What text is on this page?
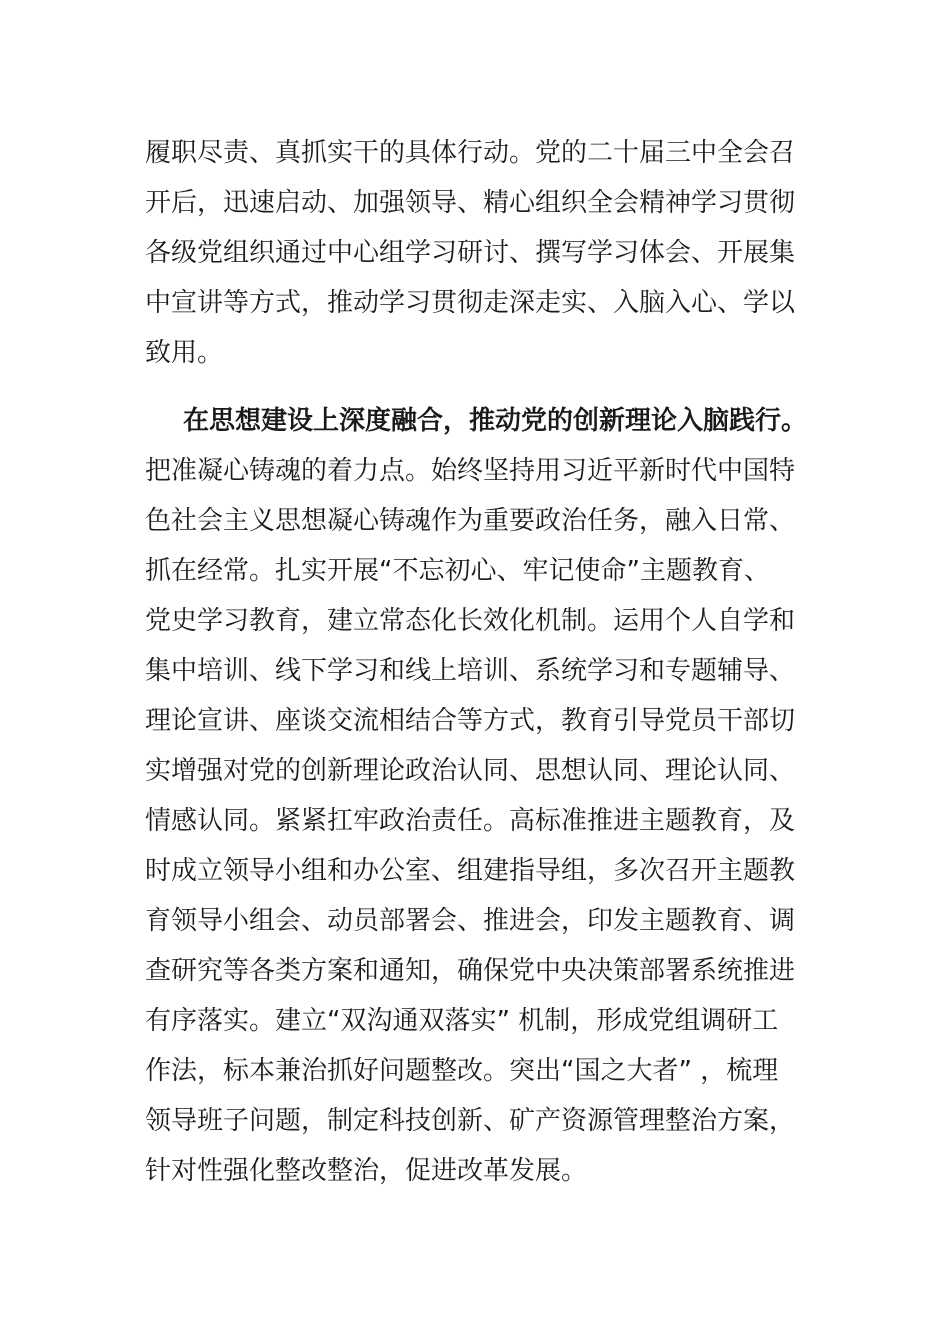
履职尽责、真抓实干的具体行动。党的二十届三中全会召
开后，迅速启动、加强领导、精心组织全会精神学习贯彻
各级党组织通过中心组学习研讨、撰写学习体会、开展集
中宣讲等方式，推动学习贯彻走深走实、入脑入心、学以
致用。
在思想建设上深度融合，推动党的创新理论入脑践行。
把准凝心铸魂的着力点。始终坚持用习近平新时代中国特
色社会主义思想凝心铸魂作为重要政治任务，融入日常、
抓在经常。扎实开展“不忘初心、牢记使命”主题教育、
党史学习教育，建立常态化长效化机制。运用个人自学和
集中培训、线下学习和线上培训、系统学习和专题辅导、
理论宣讲、座谈交流相结合等方式，教育引导党员干部切
实增强对党的创新理论政治认同、思想认同、理论认同、
情感认同。紧紧扛牢政治责任。高标准推进主题教育，及
时成立领导小组和办公室、组建指导组，多次召开主题教
育领导小组会、动员部署会、推进会，印发主题教育、调
查研究等各类方案和通知，确保党中央决策部署系统推进
有序落实。建立“双沟通双落实” 机制，形成党组调研工
作法，标本兼治抓好问题整改。突出“国之大者” ，梳理
领导班子问题，制定科技创新、矿产资源管理整治方案，
针对性强化整改整治，促进改革发展。
